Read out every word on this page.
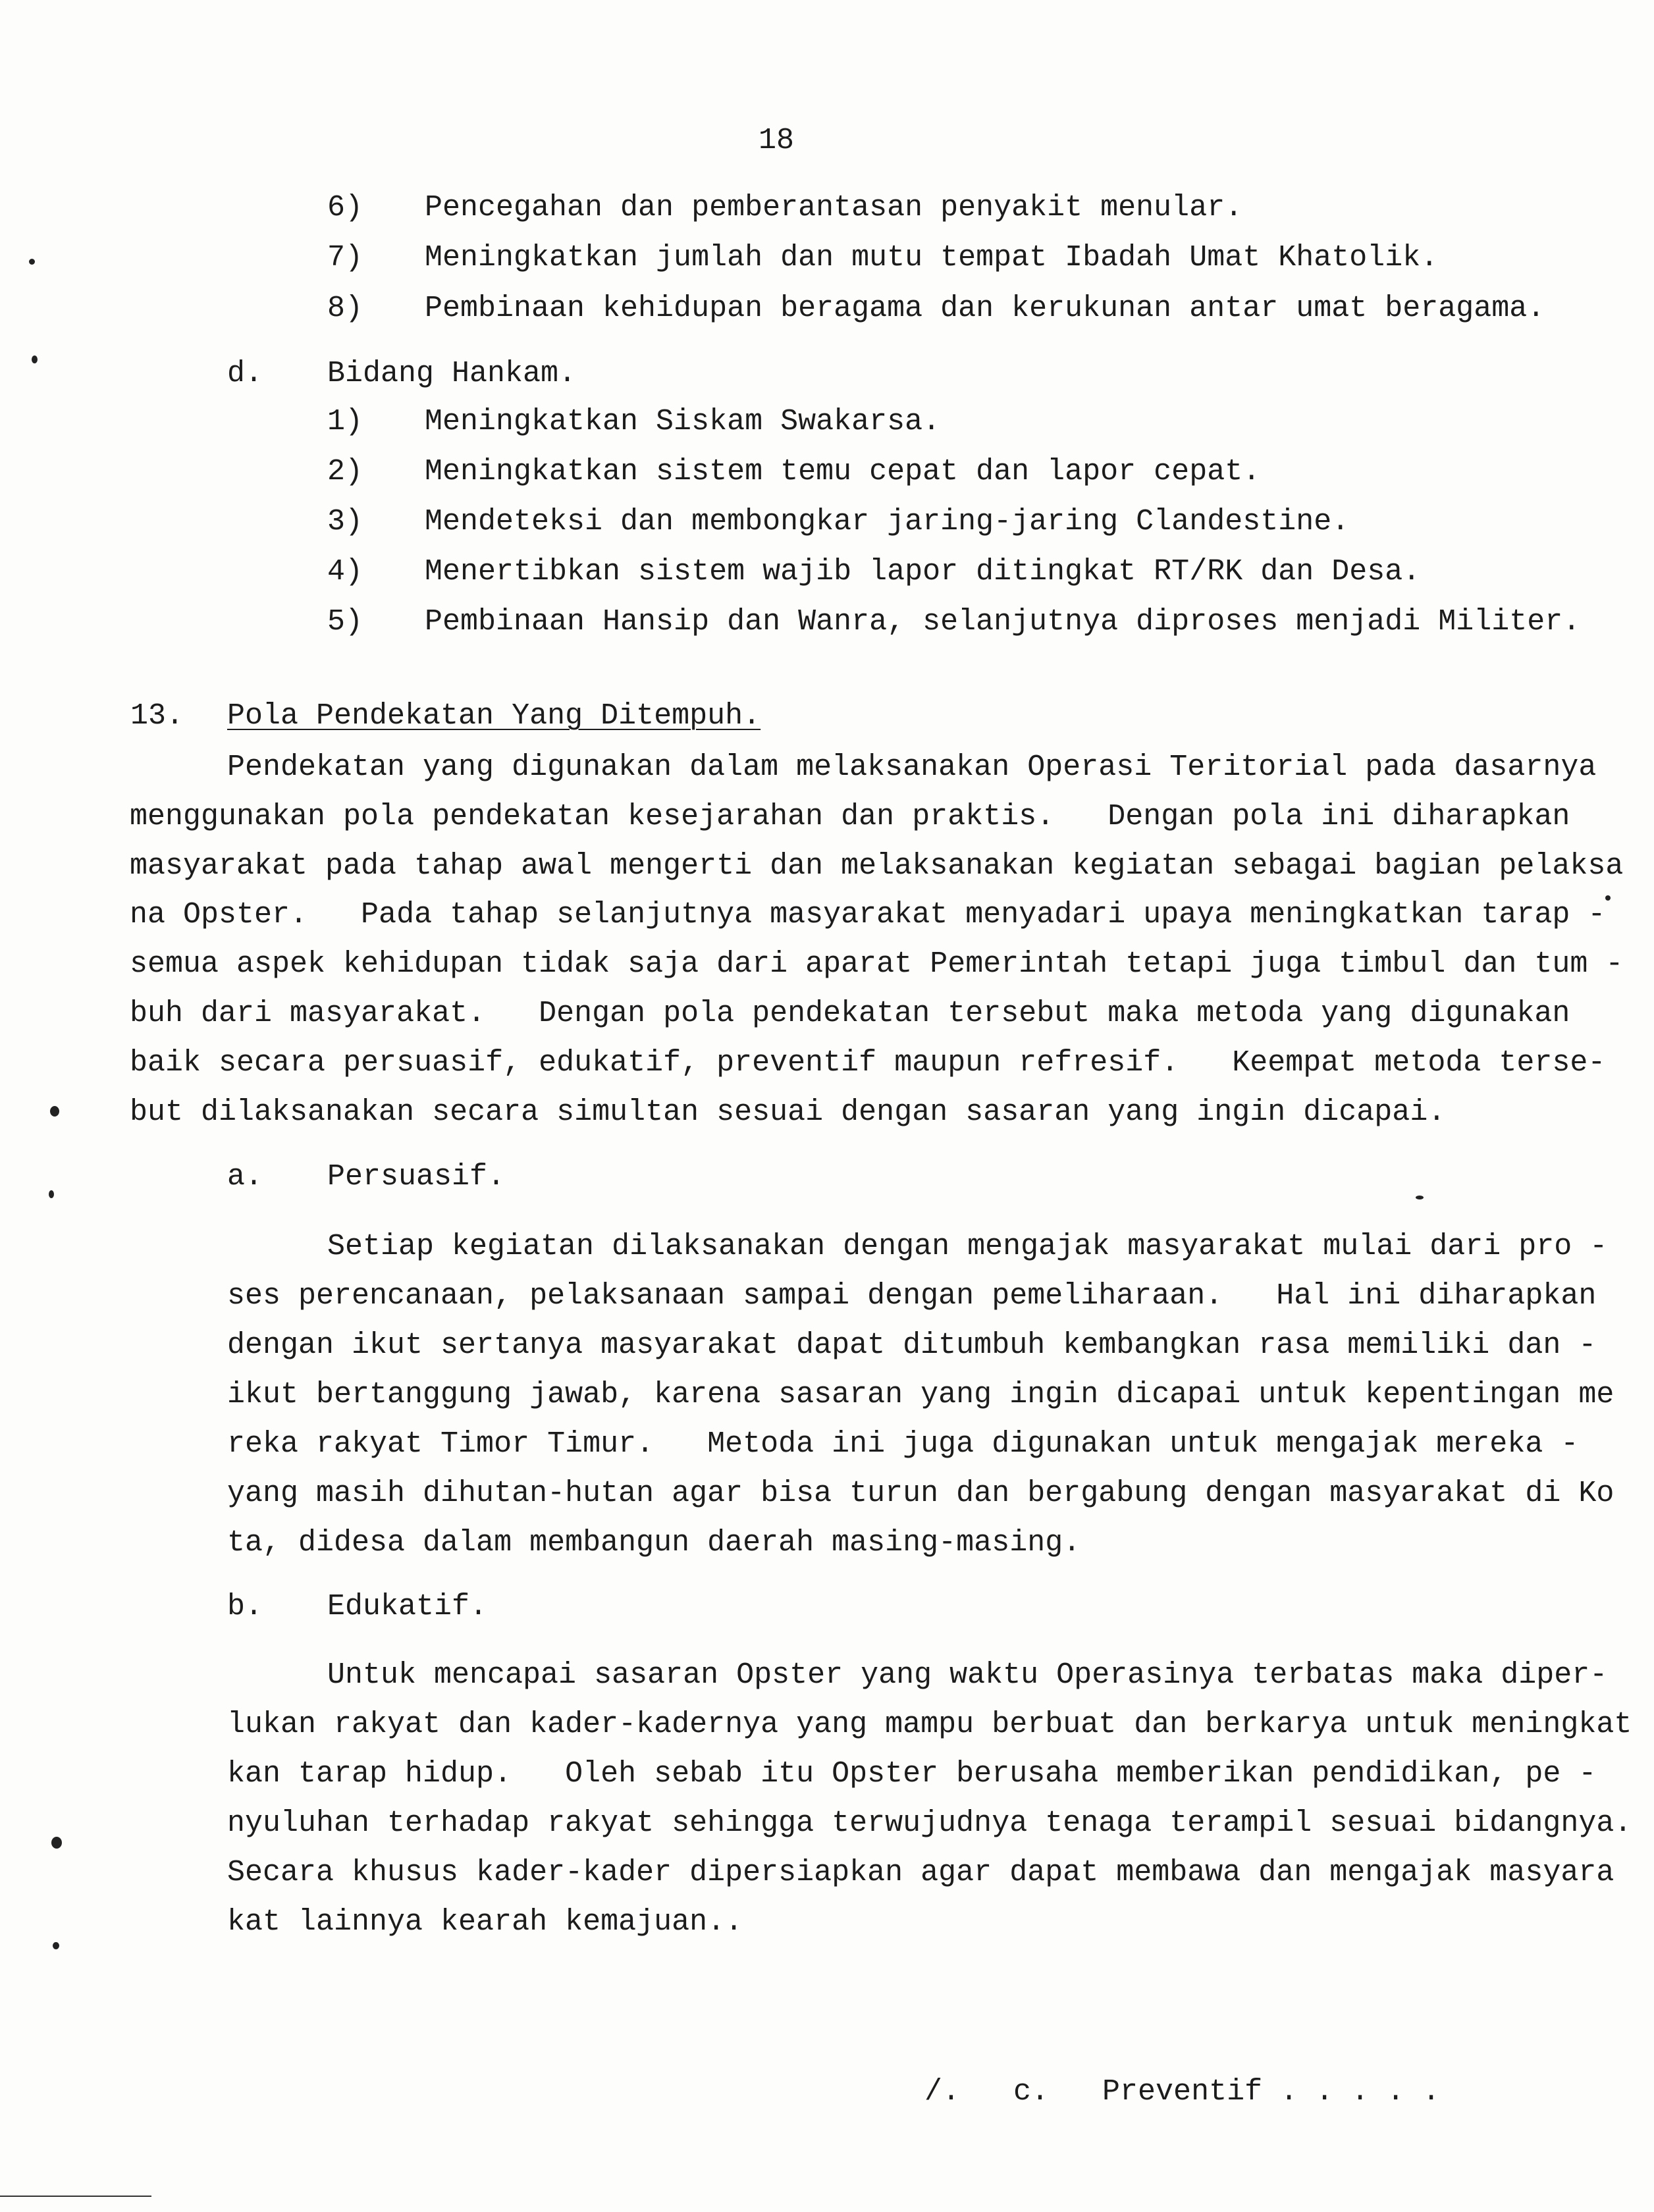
18
6) Pencegahan dan pemberantasan penyakit menular.
7) Meningkatkan jumlah dan mutu tempat Ibadah Umat Khatolik.
8) Pembinaan kehidupan beragama dan kerukunan antar umat beragama.
d. Bidang Hankam.
1) Meningkatkan Siskam Swakarsa.
2) Meningkatkan sistem temu cepat dan lapor cepat.
3) Mendeteksi dan membongkar jaring-jaring Clandestine.
4) Menertibkan sistem wajib lapor ditingkat RT/RK dan Desa.
5) Pembinaan Hansip dan Wanra, selanjutnya diproses menjadi Militer.
13. Pola Pendekatan Yang Ditempuh.
Pendekatan yang digunakan dalam melaksanakan Operasi Teritorial pada dasarnya
menggunakan pola pendekatan kesejarahan dan praktis.   Dengan pola ini diharapkan
masyarakat pada tahap awal mengerti dan melaksanakan kegiatan sebagai bagian pelaksa
na Opster.   Pada tahap selanjutnya masyarakat menyadari upaya meningkatkan tarap -
semua aspek kehidupan tidak saja dari aparat Pemerintah tetapi juga timbul dan tum -
buh dari masyarakat.   Dengan pola pendekatan tersebut maka metoda yang digunakan
baik secara persuasif, edukatif, preventif maupun refresif.   Keempat metoda terse-
but dilaksanakan secara simultan sesuai dengan sasaran yang ingin dicapai.
a. Persuasif.
Setiap kegiatan dilaksanakan dengan mengajak masyarakat mulai dari pro -
ses perencanaan, pelaksanaan sampai dengan pemeliharaan.   Hal ini diharapkan
dengan ikut sertanya masyarakat dapat ditumbuh kembangkan rasa memiliki dan -
ikut bertanggung jawab, karena sasaran yang ingin dicapai untuk kepentingan me
reka rakyat Timor Timur.   Metoda ini juga digunakan untuk mengajak mereka -
yang masih dihutan-hutan agar bisa turun dan bergabung dengan masyarakat di Ko
ta, didesa dalam membangun daerah masing-masing.
b. Edukatif.
Untuk mencapai sasaran Opster yang waktu Operasinya terbatas maka diper-
lukan rakyat dan kader-kadernya yang mampu berbuat dan berkarya untuk meningkat
kan tarap hidup.   Oleh sebab itu Opster berusaha memberikan pendidikan, pe -
nyuluhan terhadap rakyat sehingga terwujudnya tenaga terampil sesuai bidangnya.
Secara khusus kader-kader dipersiapkan agar dapat membawa dan mengajak masyara
kat lainnya kearah kemajuan..
/.   c.   Preventif . . . . .
